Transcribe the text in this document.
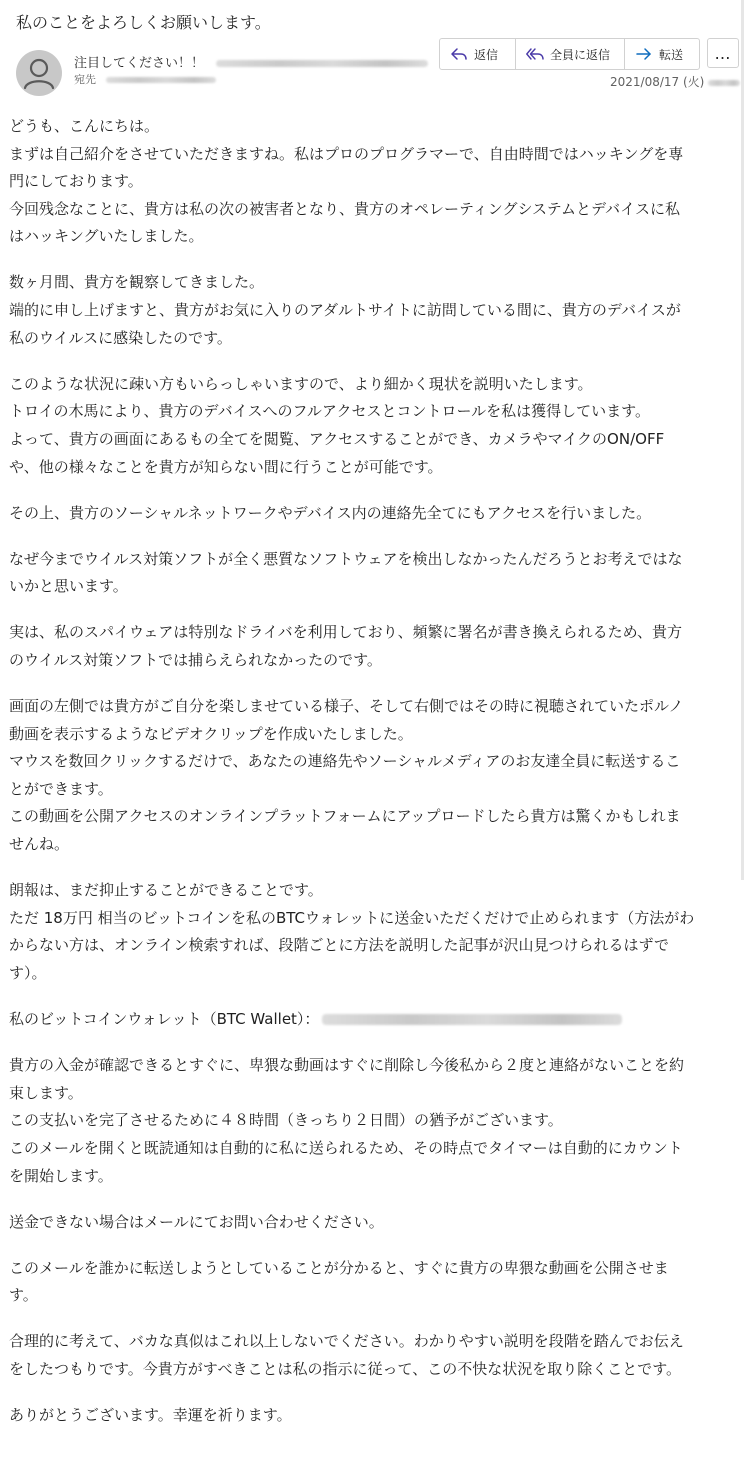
私のことをよろしくお願いします。
注目してください！！
宛先
返信	全員に返信	転送 …
2021/08/17 (火)

どうも、こんにちは。
まずは自己紹介をさせていただきますね。私はプロのプログラマーで、自由時間ではハッキングを専
門にしております。
今回残念なことに、貴方は私の次の被害者となり、貴方のオペレーティングシステムとデバイスに私
はハッキングいたしました。

数ヶ月間、貴方を観察してきました。
端的に申し上げますと、貴方がお気に入りのアダルトサイトに訪問している間に、貴方のデバイスが
私のウイルスに感染したのです。

このような状況に疎い方もいらっしゃいますので、より細かく現状を説明いたします。
トロイの木馬により、貴方のデバイスへのフルアクセスとコントロールを私は獲得しています。
よって、貴方の画面にあるもの全てを閲覧、アクセスすることができ、カメラやマイクのON/OFF
や、他の様々なことを貴方が知らない間に行うことが可能です。

その上、貴方のソーシャルネットワークやデバイス内の連絡先全てにもアクセスを行いました。

なぜ今までウイルス対策ソフトが全く悪質なソフトウェアを検出しなかったんだろうとお考えではな
いかと思います。

実は、私のスパイウェアは特別なドライバを利用しており、頻繁に署名が書き換えられるため、貴方
のウイルス対策ソフトでは捕らえられなかったのです。

画面の左側では貴方がご自分を楽しませている様子、そして右側ではその時に視聴されていたポルノ
動画を表示するようなビデオクリップを作成いたしました。
マウスを数回クリックするだけで、あなたの連絡先やソーシャルメディアのお友達全員に転送するこ
とができます。
この動画を公開アクセスのオンラインプラットフォームにアップロードしたら貴方は驚くかもしれま
せんね。

朗報は、まだ抑止することができることです。
ただ 18万円 相当のビットコインを私のBTCウォレットに送金いただくだけで止められます（方法がわ
からない方は、オンライン検索すれば、段階ごとに方法を説明した記事が沢山見つけられるはずで
す）。

私のビットコインウォレット（BTC Wallet）：

貴方の入金が確認できるとすぐに、卑猥な動画はすぐに削除し今後私から２度と連絡がないことを約
束します。
この支払いを完了させるために４８時間（きっちり２日間）の猶予がございます。
このメールを開くと既読通知は自動的に私に送られるため、その時点でタイマーは自動的にカウント
を開始します。

送金できない場合はメールにてお問い合わせください。

このメールを誰かに転送しようとしていることが分かると、すぐに貴方の卑猥な動画を公開させま
す。

合理的に考えて、バカな真似はこれ以上しないでください。わかりやすい説明を段階を踏んでお伝え
をしたつもりです。今貴方がすべきことは私の指示に従って、この不快な状況を取り除くことです。

ありがとうございます。幸運を祈ります。
